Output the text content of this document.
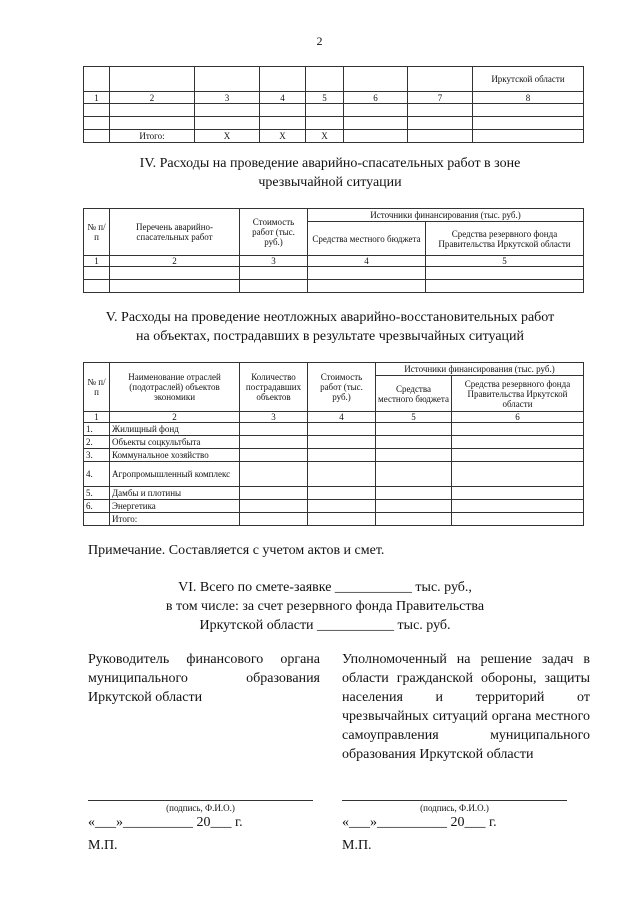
2
							Иркутской области
1	2	3	4	5	6	7	8

	Итого:	Х	Х	Х			
IV. Расходы на проведение аварийно-спасательных работ в зоне
чрезвычайной ситуации
№ п/п	Перечень аварийно-спасательных работ	Стоимость работ (тыс. руб.)	Источники финансирования (тыс. руб.)	
			Средства местного бюджета	Средства резервного фонда Правительства Иркутской области
1	2	3	4	5

V. Расходы на проведение неотложных аварийно-восстановительных работ
на объектах, пострадавших в результате чрезвычайных ситуаций
№ п/п	Наименование отраслей (подотраслей) объектов экономики	Количество пострадавших объектов	Стоимость работ (тыс. руб.)	Источники финансирования (тыс. руб.)	
				Средства местного бюджета	Средства резервного фонда Правительства Иркутской области
1	2	3	4	5	6
1.	Жилищный фонд				
2.	Объекты соцкультбыта				
3.	Коммунальное хозяйство				
4.	Агропромышленный комплекс				
5.	Дамбы и плотины				
6.	Энергетика				
	Итого:				
Примечание. Составляется с учетом актов и смет.
VI. Всего по смете-заявке ___________ тыс. руб.,
в том числе: за счет резервного фонда Правительства
Иркутской области ___________ тыс. руб.
Руководитель финансового органа муниципального образования Иркутской области
Уполномоченный на решение задач в области гражданской обороны, защиты населения и территорий от чрезвычайных ситуаций органа местного самоуправления муниципального образования Иркутской области
(подпись, Ф.И.О.)	(подпись, Ф.И.О.)
«___»__________ 20___ г.	«___»__________ 20___ г.
М.П.	М.П.
